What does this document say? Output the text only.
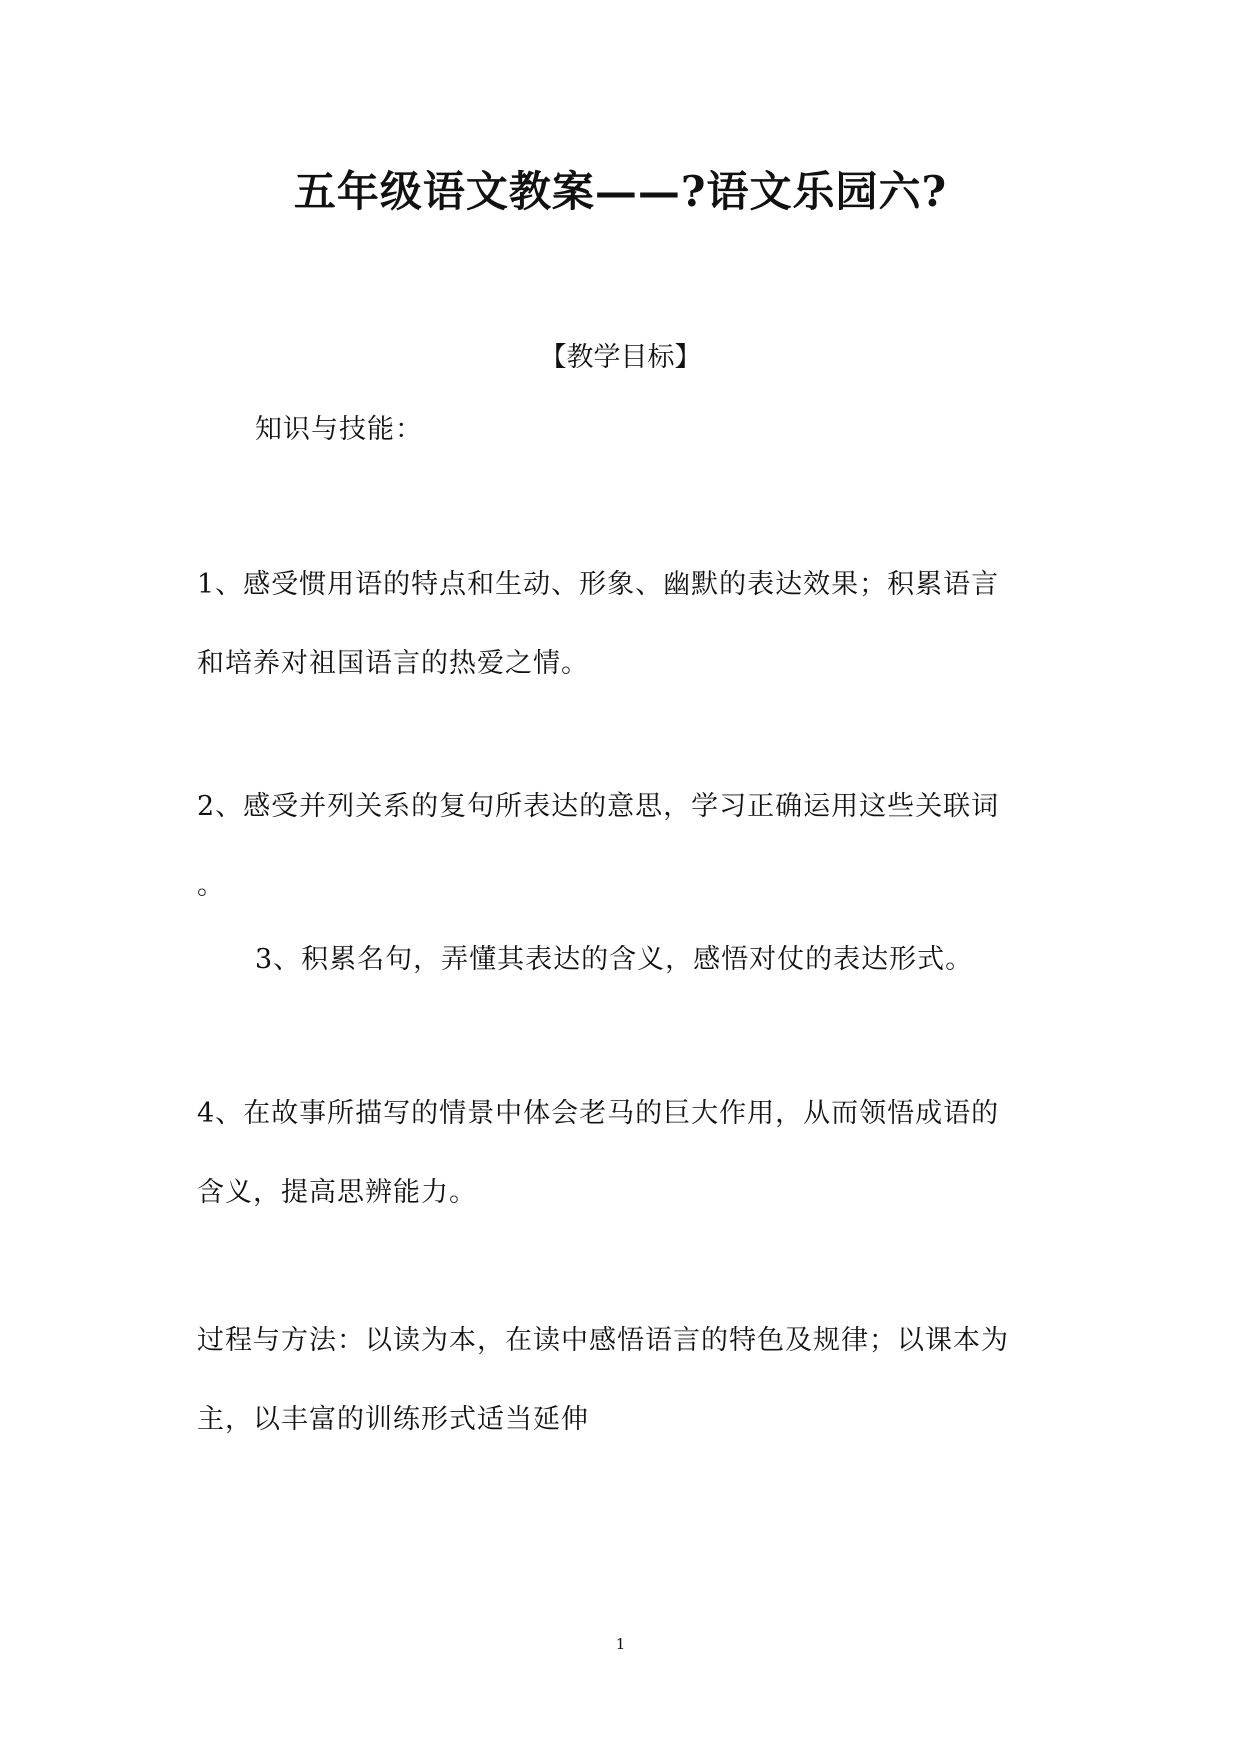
五年级语文教案——?语文乐园六?
【教学目标】
知识与技能：
1、感受惯用语的特点和生动、形象、幽默的表达效果；积累语言
和培养对祖国语言的热爱之情。
2、感受并列关系的复句所表达的意思，学习正确运用这些关联词
。
3、积累名句，弄懂其表达的含义，感悟对仗的表达形式。
4、在故事所描写的情景中体会老马的巨大作用，从而领悟成语的
含义，提高思辨能力。
过程与方法：以读为本，在读中感悟语言的特色及规律；以课本为
主，以丰富的训练形式适当延伸
1
